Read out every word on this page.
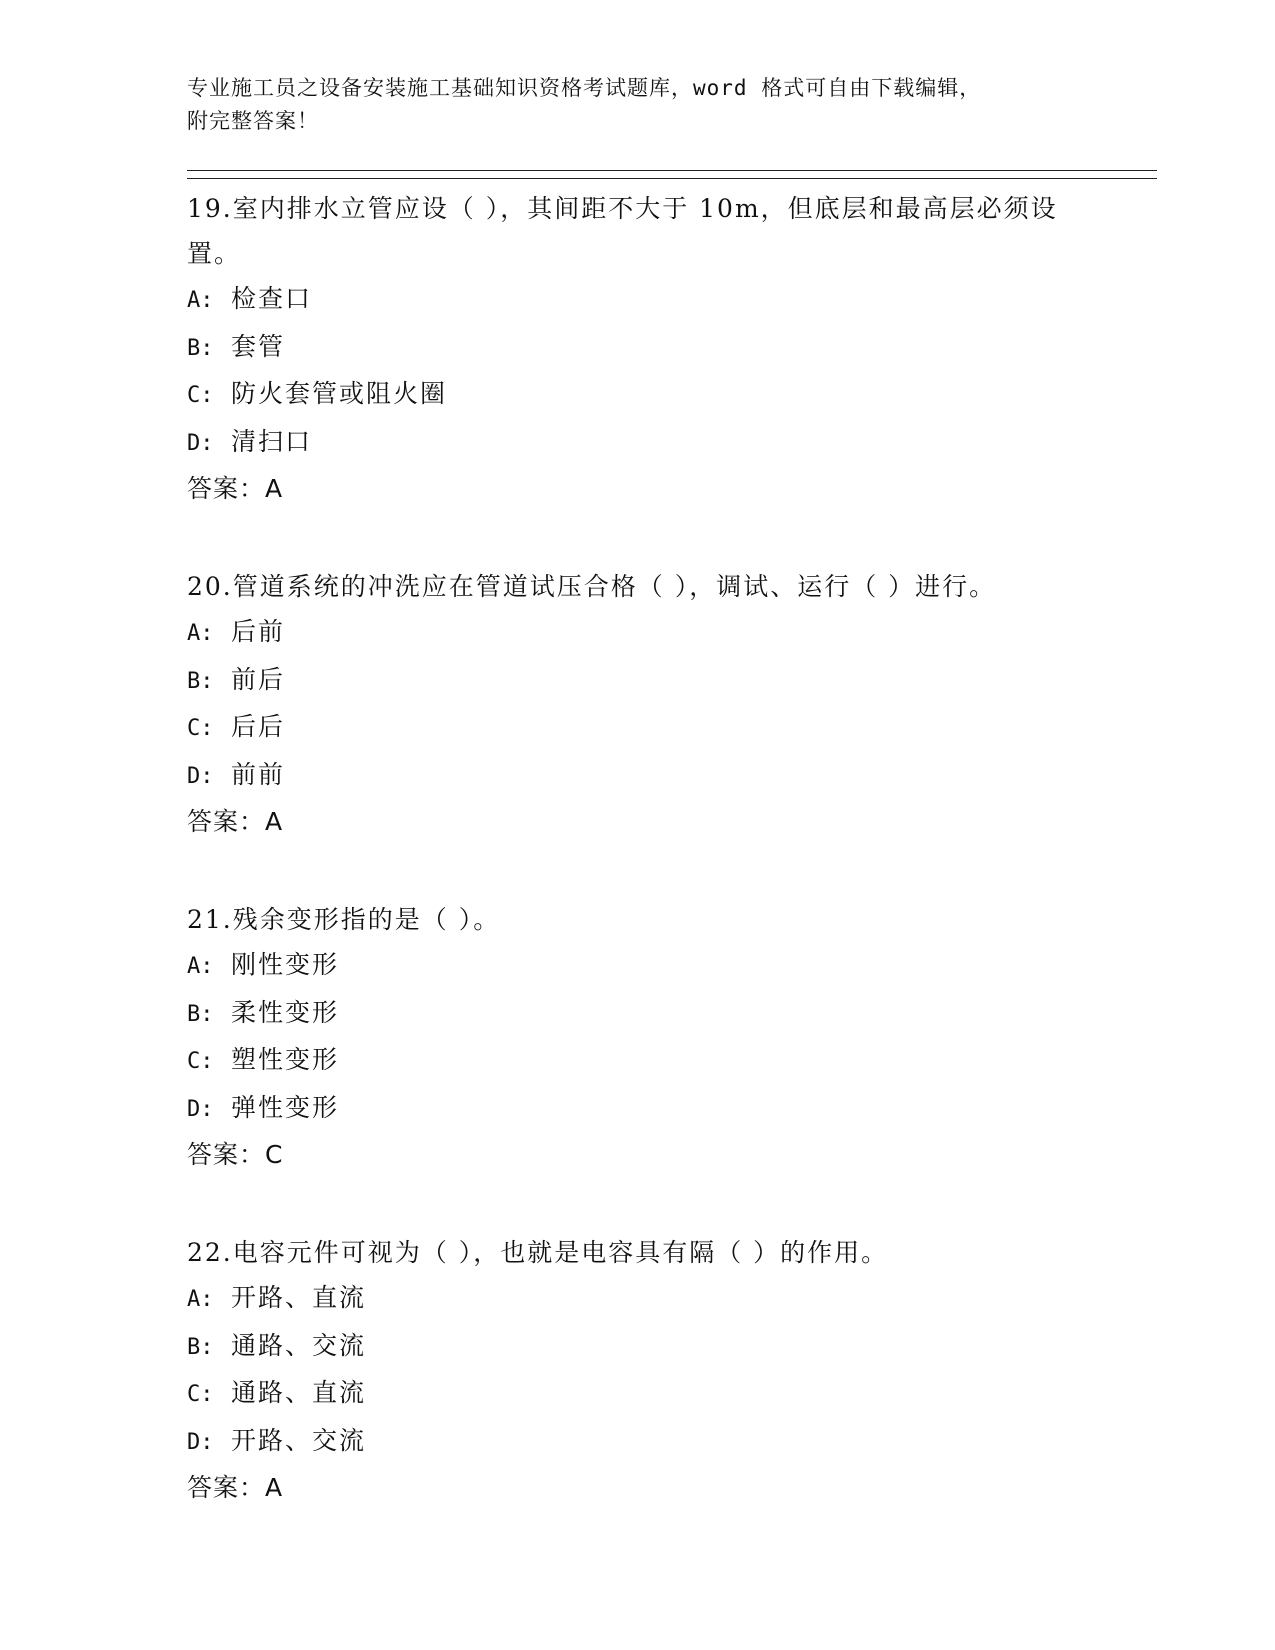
专业施工员之设备安装施工基础知识资格考试题库，word 格式可自由下载编辑，
附完整答案！

19.室内排水立管应设（ ），其间距不大于 10m，但底层和最高层必须设置。

A: 检查口
B: 套管
C: 防火套管或阻火圈
D: 清扫口
答案：A

20.管道系统的冲洗应在管道试压合格（ ），调试、运行（ ）进行。

A: 后前
B: 前后
C: 后后
D: 前前
答案：A

21.残余变形指的是（ ）。

A: 刚性变形
B: 柔性变形
C: 塑性变形
D: 弹性变形
答案：C

22.电容元件可视为（ ），也就是电容具有隔（ ）的作用。

A: 开路、直流
B: 通路、交流
C: 通路、直流
D: 开路、交流
答案：A
